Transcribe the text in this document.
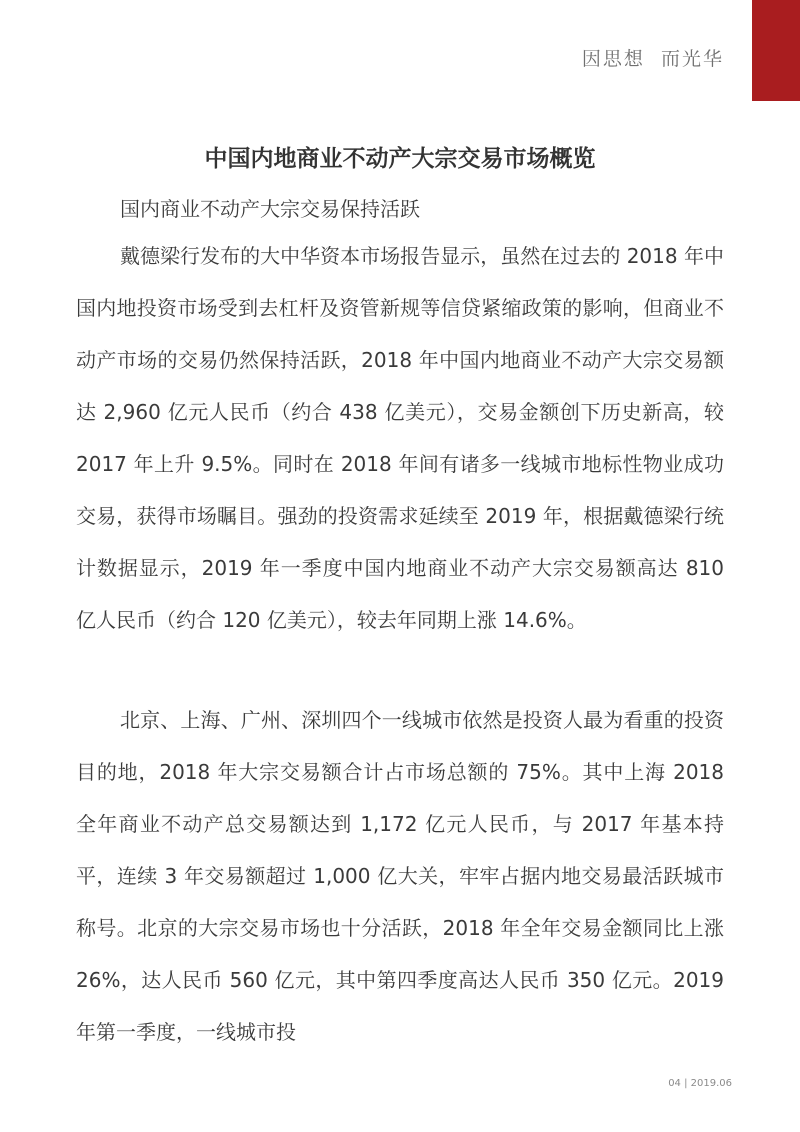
因思想  而光华
中国内地商业不动产大宗交易市场概览

国内商业不动产大宗交易保持活跃

戴德梁行发布的大中华资本市场报告显示，虽然在过去的 2018 年中国内地投资市场受到去杠杆及资管新规等信贷紧缩政策的影响，但商业不动产市场的交易仍然保持活跃，2018 年中国内地商业不动产大宗交易额达 2,960 亿元人民币（约合 438 亿美元），交易金额创下历史新高，较 2017 年上升 9.5%。同时在 2018 年间有诸多一线城市地标性物业成功交易，获得市场瞩目。强劲的投资需求延续至 2019 年，根据戴德梁行统计数据显示，2019 年一季度中国内地商业不动产大宗交易额高达 810 亿人民币（约合 120 亿美元），较去年同期上涨 14.6%。

北京、上海、广州、深圳四个一线城市依然是投资人最为看重的投资目的地，2018 年大宗交易额合计占市场总额的 75%。其中上海 2018 全年商业不动产总交易额达到 1,172 亿元人民币，与 2017 年基本持平，连续 3 年交易额超过 1,000 亿大关，牢牢占据内地交易最活跃城市称号。北京的大宗交易市场也十分活跃，2018 年全年交易金额同比上涨 26%，达人民币 560 亿元，其中第四季度高达人民币 350 亿元。2019 年第一季度，一线城市投

04 | 2019.06
